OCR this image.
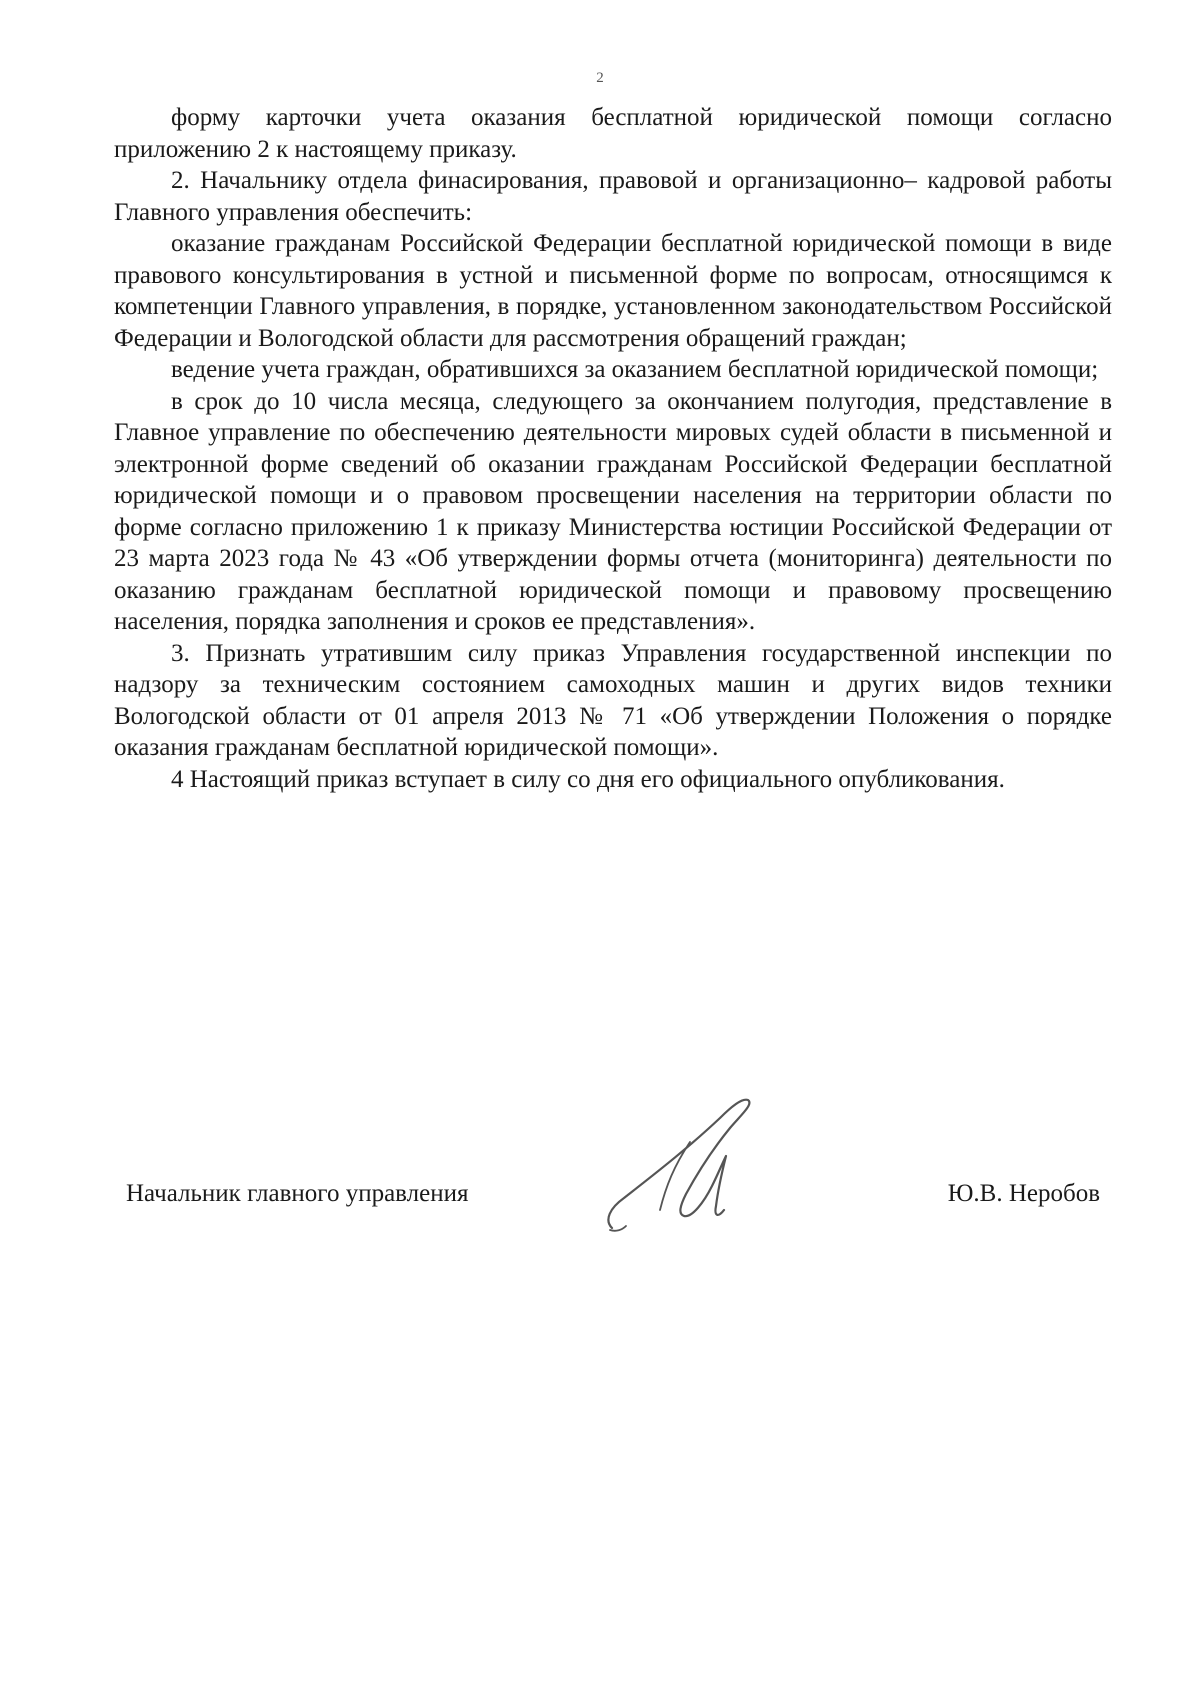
2

форму карточки учета оказания бесплатной юридической помощи согласно приложению 2 к настоящему приказу.

2. Начальнику отдела финасирования, правовой и организационно– кадровой работы Главного управления обеспечить:

оказание гражданам Российской Федерации бесплатной юридической помощи в виде правового консультирования в устной и письменной форме по вопросам, относящимся к компетенции Главного управления, в порядке, установленном законодательством Российской Федерации и Вологодской области для рассмотрения обращений граждан;

ведение учета граждан, обратившихся за оказанием бесплатной юридической помощи;

в срок до 10 числа месяца, следующего за окончанием полугодия, представление в Главное управление по обеспечению деятельности мировых судей области в письменной и электронной форме сведений об оказании гражданам Российской Федерации бесплатной юридической помощи и о правовом просвещении населения на территории области по форме согласно приложению 1 к приказу Министерства юстиции Российской Федерации от 23 марта 2023 года № 43 «Об утверждении формы отчета (мониторинга) деятельности по оказанию гражданам бесплатной юридической помощи и правовому просвещению населения, порядка заполнения и сроков ее представления».

3. Признать утратившим силу приказ Управления государственной инспекции по надзору за техническим состоянием самоходных машин и других видов техники Вологодской области от 01 апреля 2013 № 71 «Об утверждении Положения о порядке оказания гражданам бесплатной юридической помощи».

4 Настоящий приказ вступает в силу со дня его официального опубликования.

Начальник главного управления	Ю.В. Неробов
